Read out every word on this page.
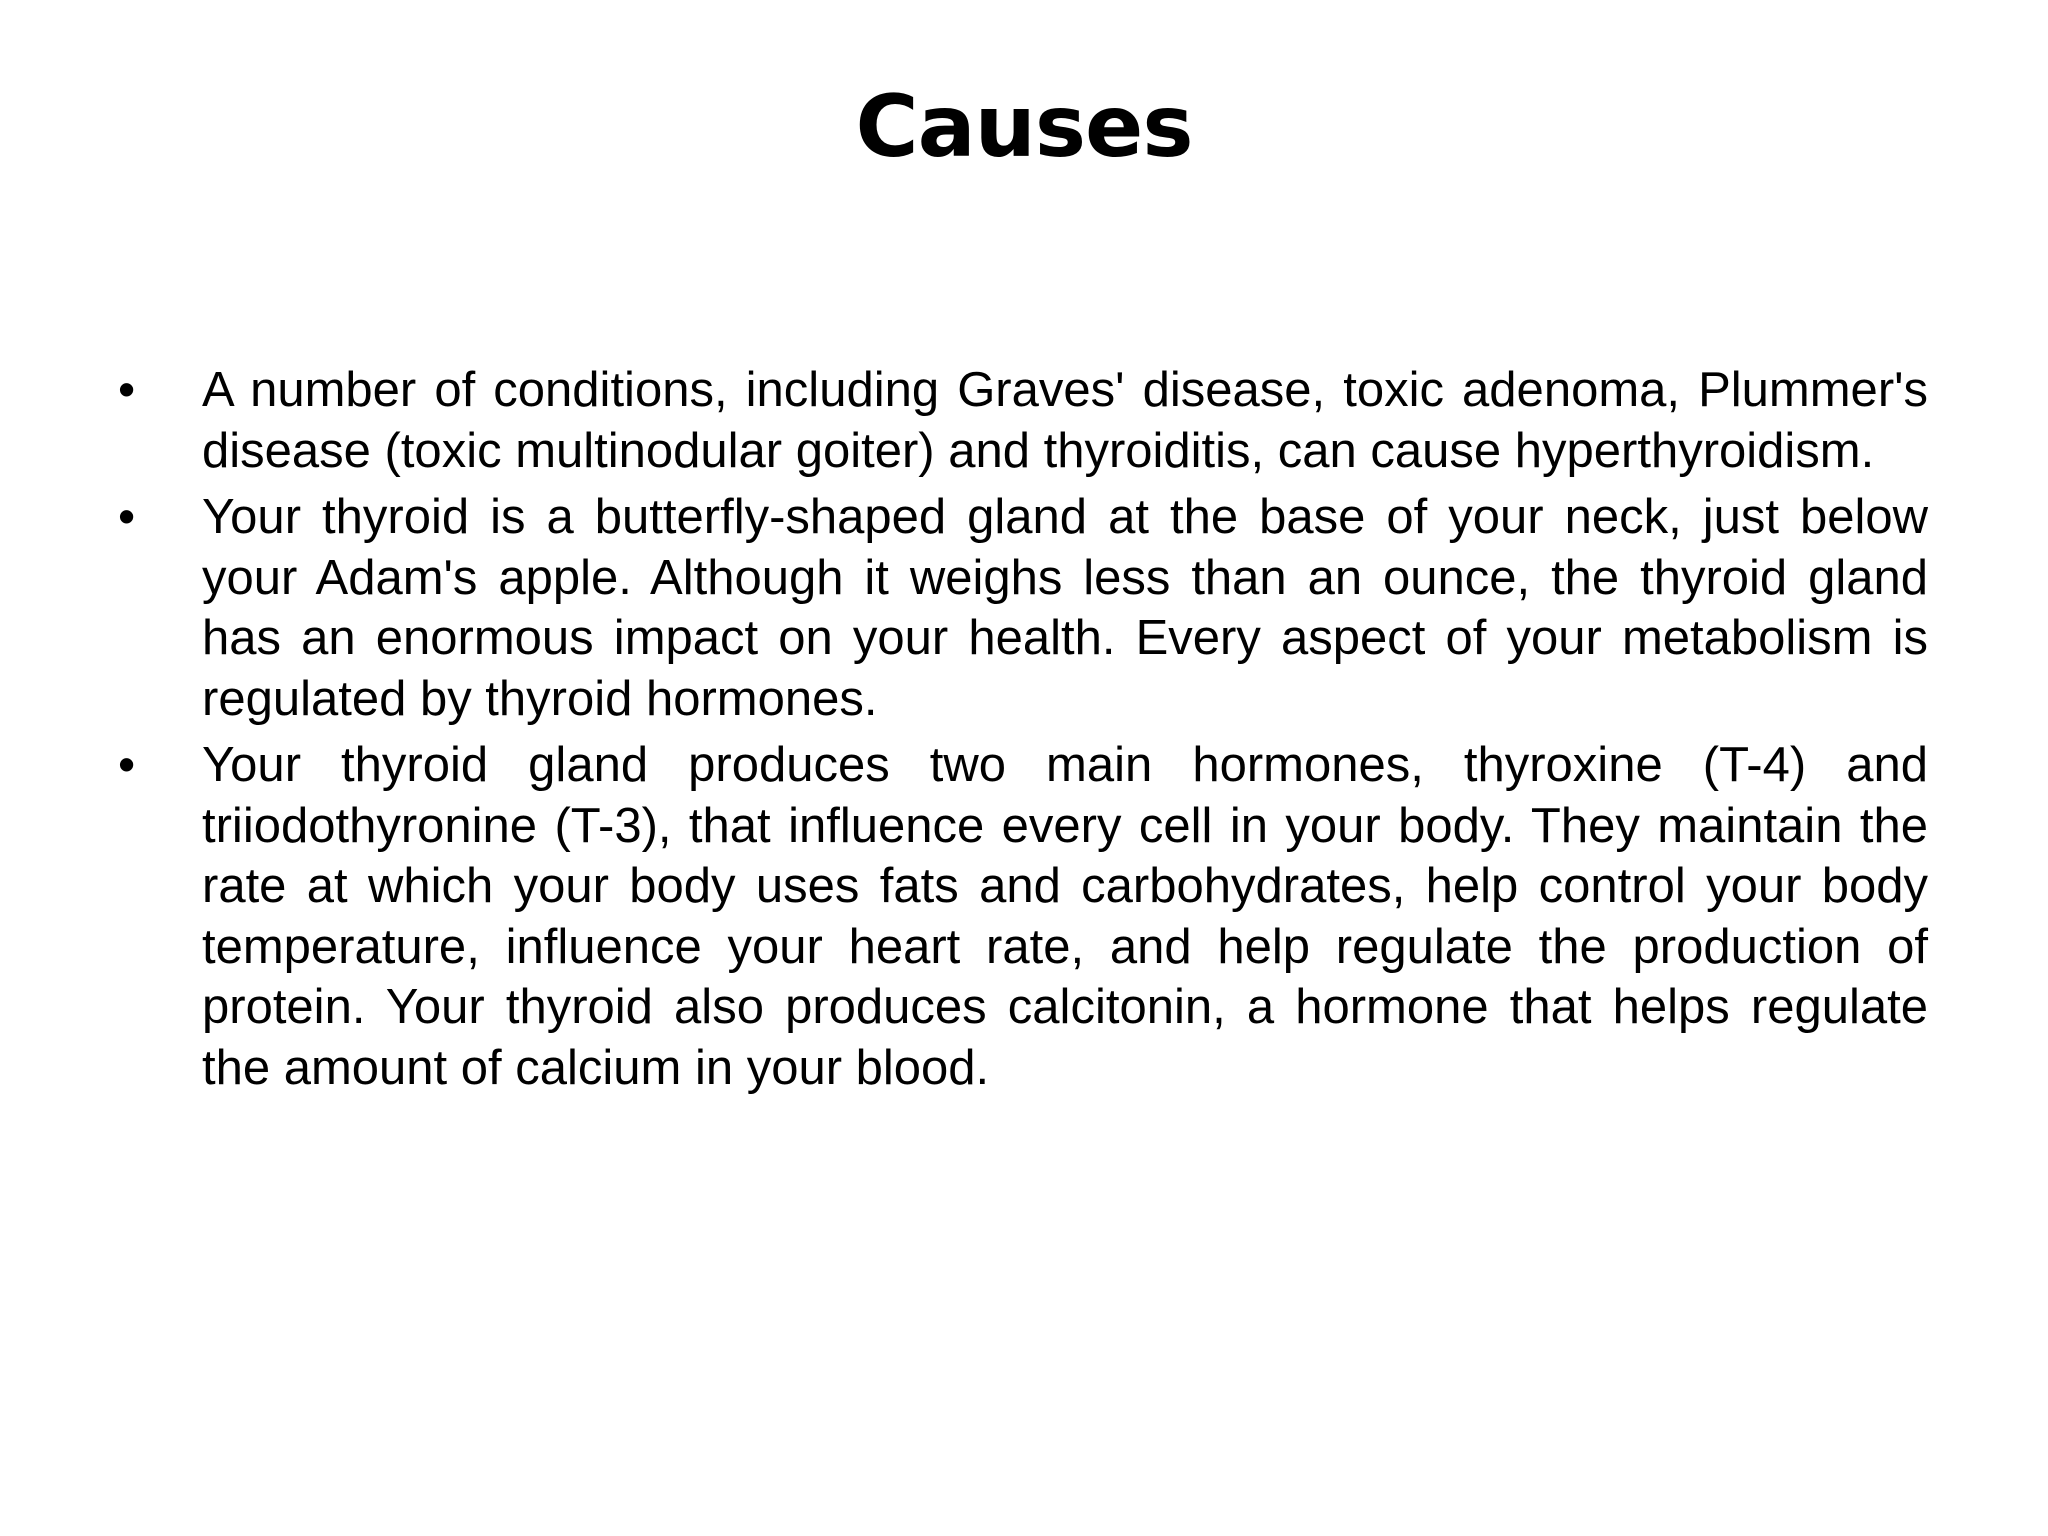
Causes
•	A number of conditions, including Graves' disease, toxic adenoma, Plummer's disease (toxic multinodular goiter) and thyroiditis, can cause hyperthyroidism.
•	Your thyroid is a butterfly-shaped gland at the base of your neck, just below your Adam's apple. Although it weighs less than an ounce, the thyroid gland has an enormous impact on your health. Every aspect of your metabolism is regulated by thyroid hormones.
•	Your thyroid gland produces two main hormones, thyroxine (T-4) and triiodothyronine (T-3), that influence every cell in your body. They maintain the rate at which your body uses fats and carbohydrates, help control your body temperature, influence your heart rate, and help regulate the production of protein. Your thyroid also produces calcitonin, a hormone that helps regulate the amount of calcium in your blood.
